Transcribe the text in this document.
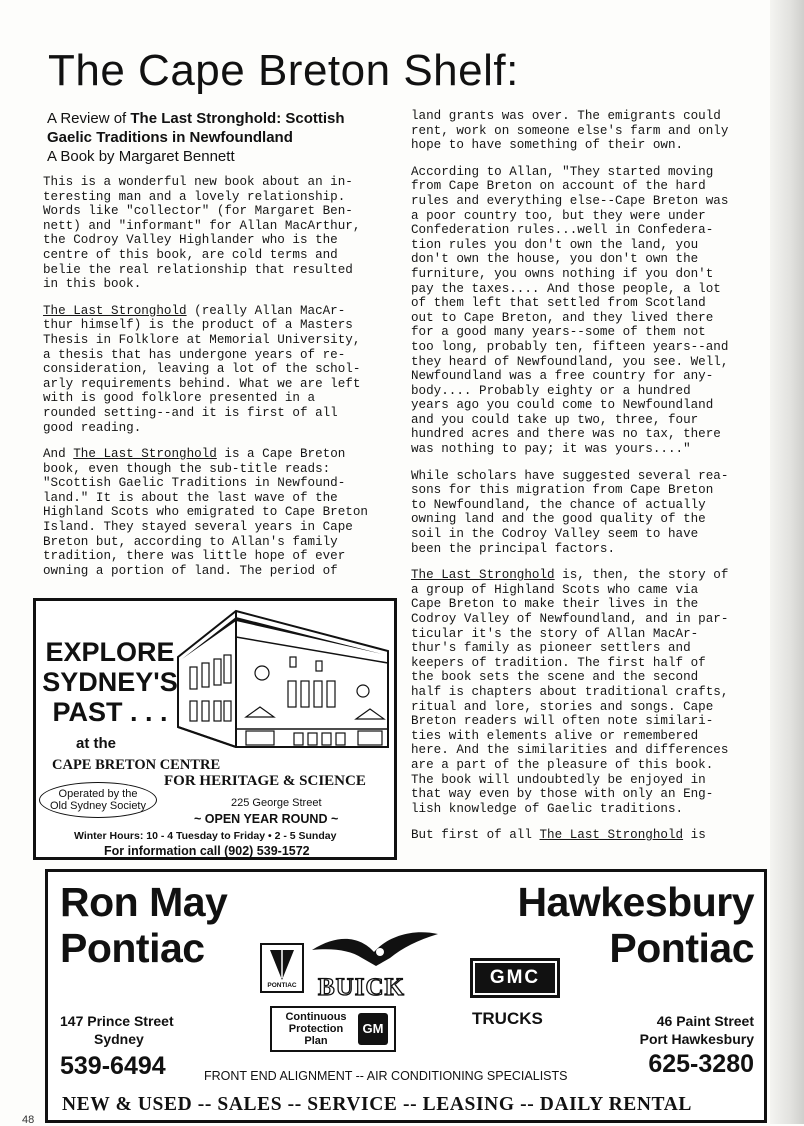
The Cape Breton Shelf:
A Review of The Last Stronghold: Scottish
Gaelic Traditions in Newfoundland
A Book by Margaret Bennett

This is a wonderful new book about an in-
teresting man and a lovely relationship.
Words like "collector" (for Margaret Ben-
nett) and "informant" for Allan MacArthur,
the Codroy Valley Highlander who is the
centre of this book, are cold terms and
belie the real relationship that resulted
in this book.

The Last Stronghold (really Allan MacAr-
thur himself) is the product of a Masters
Thesis in Folklore at Memorial University,
a thesis that has undergone years of re-
consideration, leaving a lot of the schol-
arly requirements behind. What we are left
with is good folklore presented in a
rounded setting--and it is first of all
good reading.

And The Last Stronghold is a Cape Breton
book, even though the sub-title reads:
"Scottish Gaelic Traditions in Newfound-
land." It is about the last wave of the
Highland Scots who emigrated to Cape Breton
Island. They stayed several years in Cape
Breton but, according to Allan's family
tradition, there was little hope of ever
owning a portion of land. The period of

land grants was over. The emigrants could
rent, work on someone else's farm and only
hope to have something of their own.

According to Allan, "They started moving
from Cape Breton on account of the hard
rules and everything else--Cape Breton was
a poor country too, but they were under
Confederation rules...well in Confedera-
tion rules you don't own the land, you
don't own the house, you don't own the
furniture, you owns nothing if you don't
pay the taxes.... And those people, a lot
of them left that settled from Scotland
out to Cape Breton, and they lived there
for a good many years--some of them not
too long, probably ten, fifteen years--and
they heard of Newfoundland, you see. Well,
Newfoundland was a free country for any-
body.... Probably eighty or a hundred
years ago you could come to Newfoundland
and you could take up two, three, four
hundred acres and there was no tax, there
was nothing to pay; it was yours...."

While scholars have suggested several rea-
sons for this migration from Cape Breton
to Newfoundland, the chance of actually
owning land and the good quality of the
soil in the Codroy Valley seem to have
been the principal factors.

The Last Stronghold is, then, the story of
a group of Highland Scots who came via
Cape Breton to make their lives in the
Codroy Valley of Newfoundland, and in par-
ticular it's the story of Allan MacAr-
thur's family as pioneer settlers and
keepers of tradition. The first half of
the book sets the scene and the second
half is chapters about traditional crafts,
ritual and lore, stories and songs. Cape
Breton readers will often note similari-
ties with elements alive or remembered
here. And the similarities and differences
are a part of the pleasure of this book.
The book will undoubtedly be enjoyed in
that way even by those with only an Eng-
lish knowledge of Gaelic traditions.

But first of all The Last Stronghold is

EXPLORE
SYDNEY'S
PAST . . .
at the
CAPE BRETON CENTRE
FOR HERITAGE & SCIENCE
Operated by the
Old Sydney Society	225 George Street
~ OPEN YEAR ROUND ~
Winter Hours: 10 - 4 Tuesday to Friday • 2 - 5 Sunday
For information call (902) 539-1572
Ron May
Pontiac
Hawkesbury
Pontiac
PONTIAC BUICK	GMC
TRUCKS
Continuous
Protection
Plan
GM
147 Prince Street
Sydney
46 Paint Street
Port Hawkesbury
539-6494	625-3280
FRONT END ALIGNMENT -- AIR CONDITIONING SPECIALISTS
NEW & USED -- SALES -- SERVICE -- LEASING -- DAILY RENTAL
48
